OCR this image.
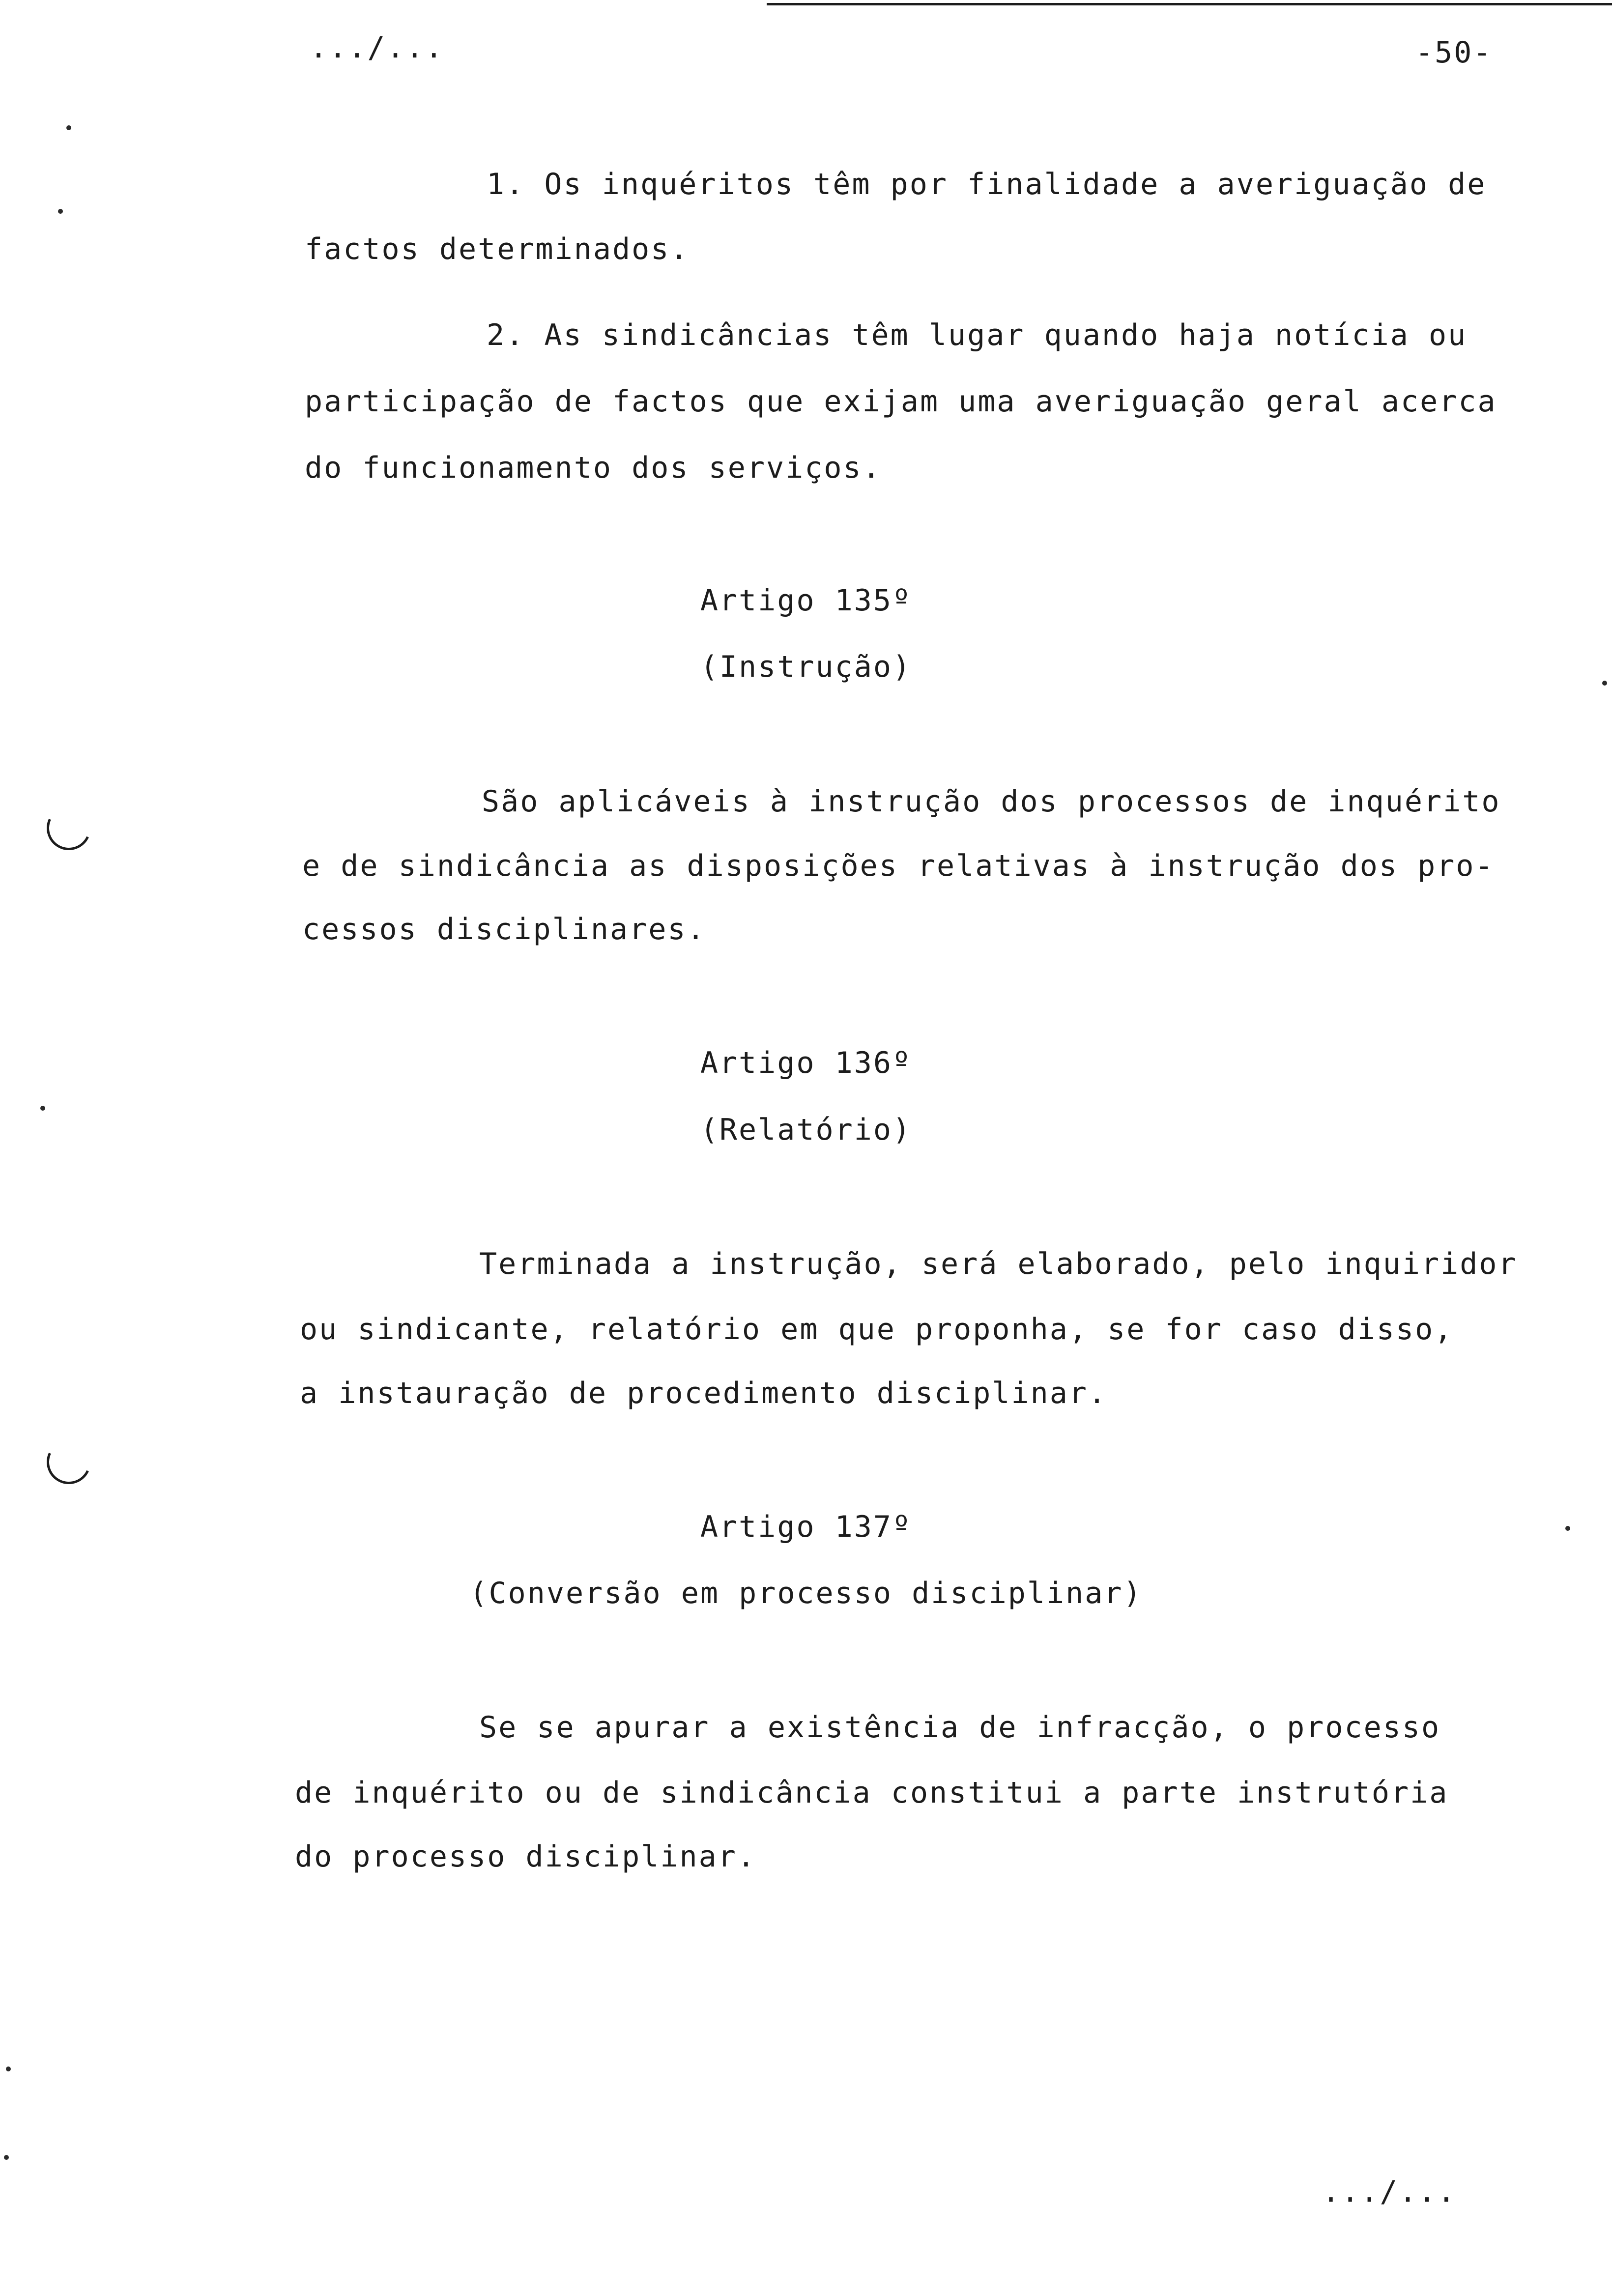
.../...	-50-
1. Os inquéritos têm por finalidade a averiguação de
factos determinados.
2. As sindicâncias têm lugar quando haja notícia ou
participação de factos que exijam uma averiguação geral acerca
do funcionamento dos serviços.
Artigo 135º
(Instrução)
São aplicáveis à instrução dos processos de inquérito
e de sindicância as disposições relativas à instrução dos pro-
cessos disciplinares.
Artigo 136º
(Relatório)
Terminada a instrução, será elaborado, pelo inquiridor
ou sindicante, relatório em que proponha, se for caso disso,
a instauração de procedimento disciplinar.
Artigo 137º
(Conversão em processo disciplinar)
Se se apurar a existência de infracção, o processo
de inquérito ou de sindicância constitui a parte instrutória
do processo disciplinar.
.../...
